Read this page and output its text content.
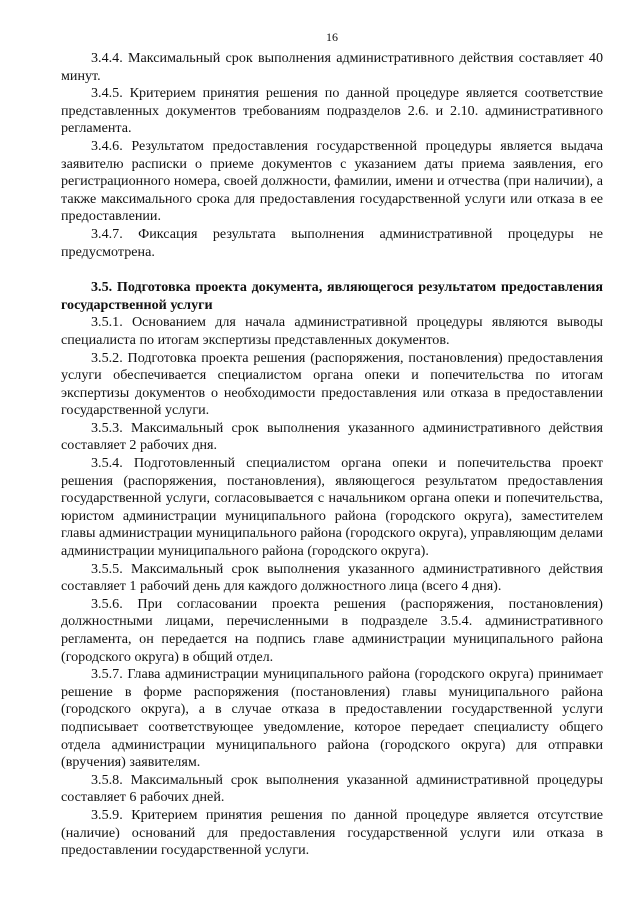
16

3.4.4. Максимальный срок выполнения административного действия составляет 40 минут.

3.4.5. Критерием принятия решения по данной процедуре является соответствие представленных документов требованиям подразделов 2.6. и 2.10. административного регламента.

3.4.6. Результатом предоставления государственной процедуры является выдача заявителю расписки о приеме документов с указанием даты приема заявления, его регистрационного номера, своей должности, фамилии, имени и отчества (при наличии), а также максимального срока для предоставления государственной услуги или отказа в ее предоставлении.

3.4.7. Фиксация результата выполнения административной процедуры не предусмотрена.

3.5. Подготовка проекта документа, являющегося результатом предоставления государственной услуги

3.5.1. Основанием для начала административной процедуры являются выводы специалиста по итогам экспертизы представленных документов.

3.5.2. Подготовка проекта решения (распоряжения, постановления) предоставления услуги обеспечивается специалистом органа опеки и попечительства по итогам экспертизы документов о необходимости предоставления или отказа в предоставлении государственной услуги.

3.5.3. Максимальный срок выполнения указанного административного действия составляет 2 рабочих дня.

3.5.4. Подготовленный специалистом органа опеки и попечительства проект решения (распоряжения, постановления), являющегося результатом предоставления государственной услуги, согласовывается с начальником органа опеки и попечительства, юристом администрации муниципального района (городского округа), заместителем главы администрации муниципального района (городского округа), управляющим делами администрации муниципального района (городского округа).

3.5.5. Максимальный срок выполнения указанного административного действия составляет 1 рабочий день для каждого должностного лица (всего 4 дня).

3.5.6. При согласовании проекта решения (распоряжения, постановления) должностными лицами, перечисленными в подразделе 3.5.4. административного регламента, он передается на подпись главе администрации муниципального района (городского округа) в общий отдел.

3.5.7. Глава администрации муниципального района (городского округа) принимает решение в форме распоряжения (постановления) главы муниципального района (городского округа), а в случае отказа в предоставлении государственной услуги подписывает соответствующее уведомление, которое передает специалисту общего отдела администрации муниципального района (городского округа) для отправки (вручения) заявителям.

3.5.8. Максимальный срок выполнения указанной административной процедуры составляет 6 рабочих дней.

3.5.9. Критерием принятия решения по данной процедуре является отсутствие (наличие) оснований для предоставления государственной услуги или отказа в предоставлении государственной услуги.
